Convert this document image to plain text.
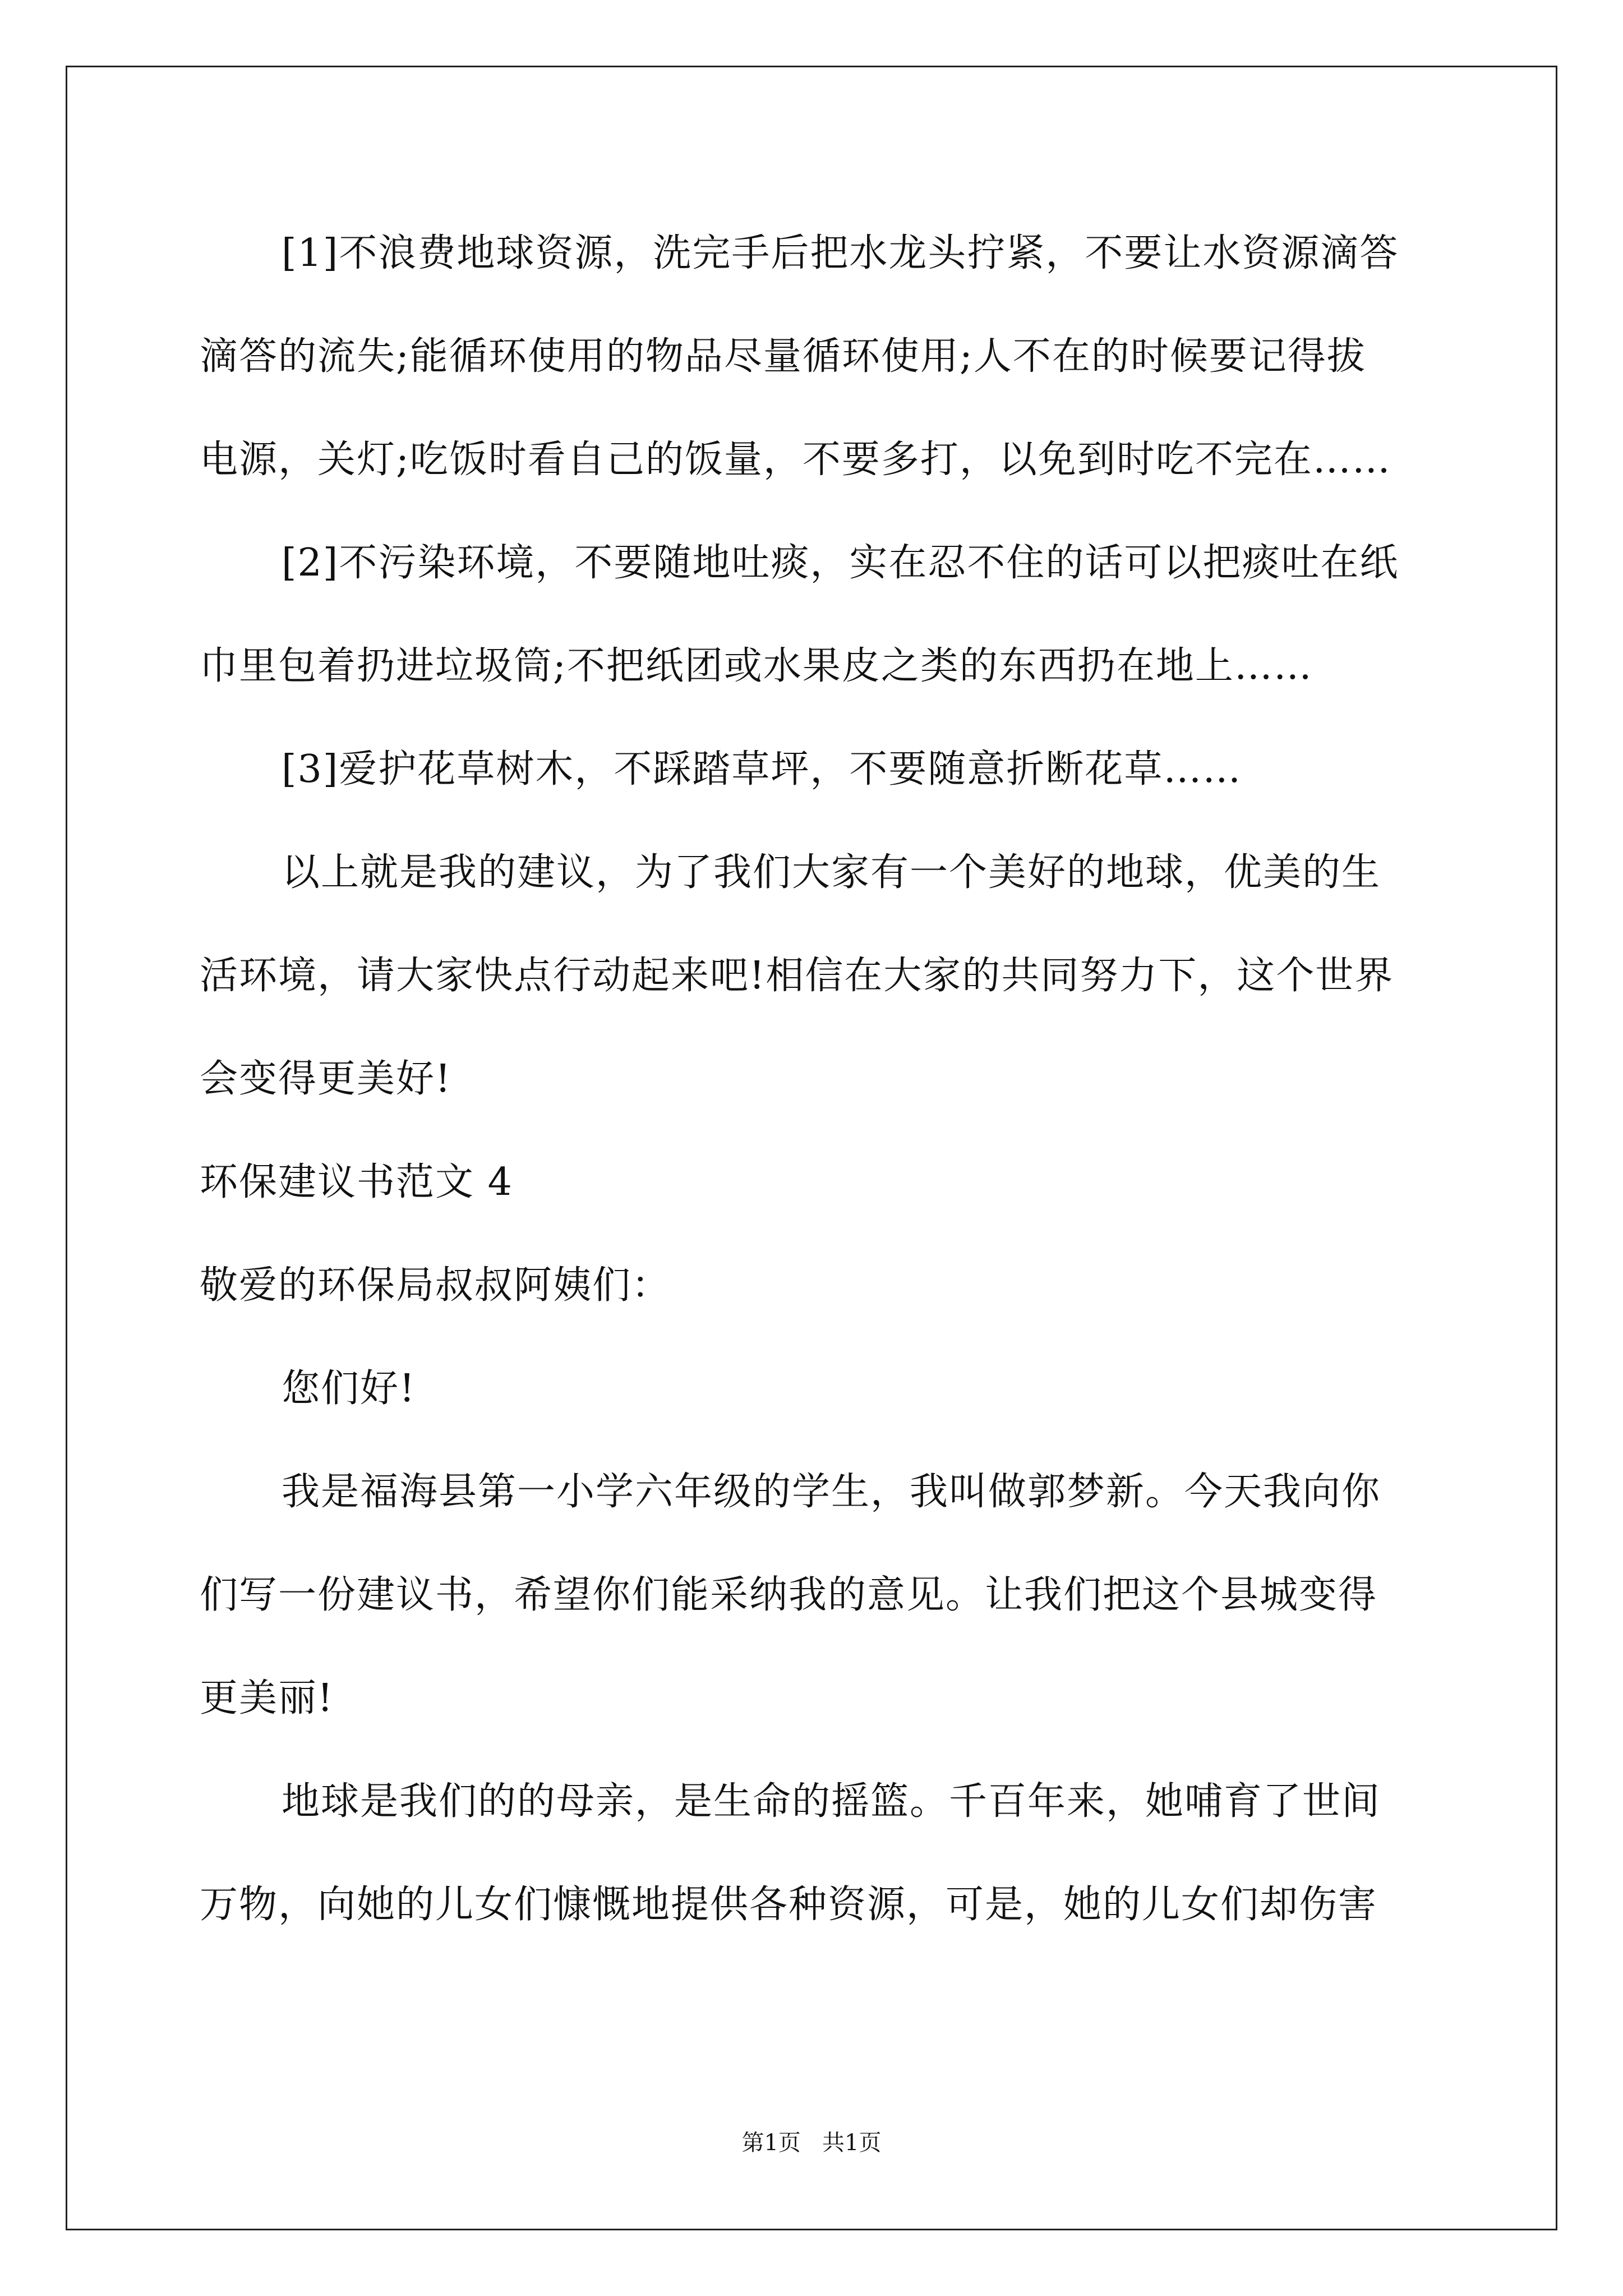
[1]不浪费地球资源，洗完手后把水龙头拧紧，不要让水资源滴答

滴答的流失;能循环使用的物品尽量循环使用;人不在的时候要记得拔

电源，关灯;吃饭时看自己的饭量，不要多打，以免到时吃不完在……

[2]不污染环境，不要随地吐痰，实在忍不住的话可以把痰吐在纸

巾里包着扔进垃圾筒;不把纸团或水果皮之类的东西扔在地上……

[3]爱护花草树木，不踩踏草坪，不要随意折断花草……

以上就是我的建议，为了我们大家有一个美好的地球，优美的生

活环境，请大家快点行动起来吧!相信在大家的共同努力下，这个世界

会变得更美好!

环保建议书范文 4

敬爱的环保局叔叔阿姨们：

您们好!

我是福海县第一小学六年级的学生，我叫做郭梦新。今天我向你

们写一份建议书，希望你们能采纳我的意见。让我们把这个县城变得

更美丽!

地球是我们的的母亲，是生命的摇篮。千百年来，她哺育了世间

万物，向她的儿女们慷慨地提供各种资源，可是，她的儿女们却伤害

第1页   共1页
